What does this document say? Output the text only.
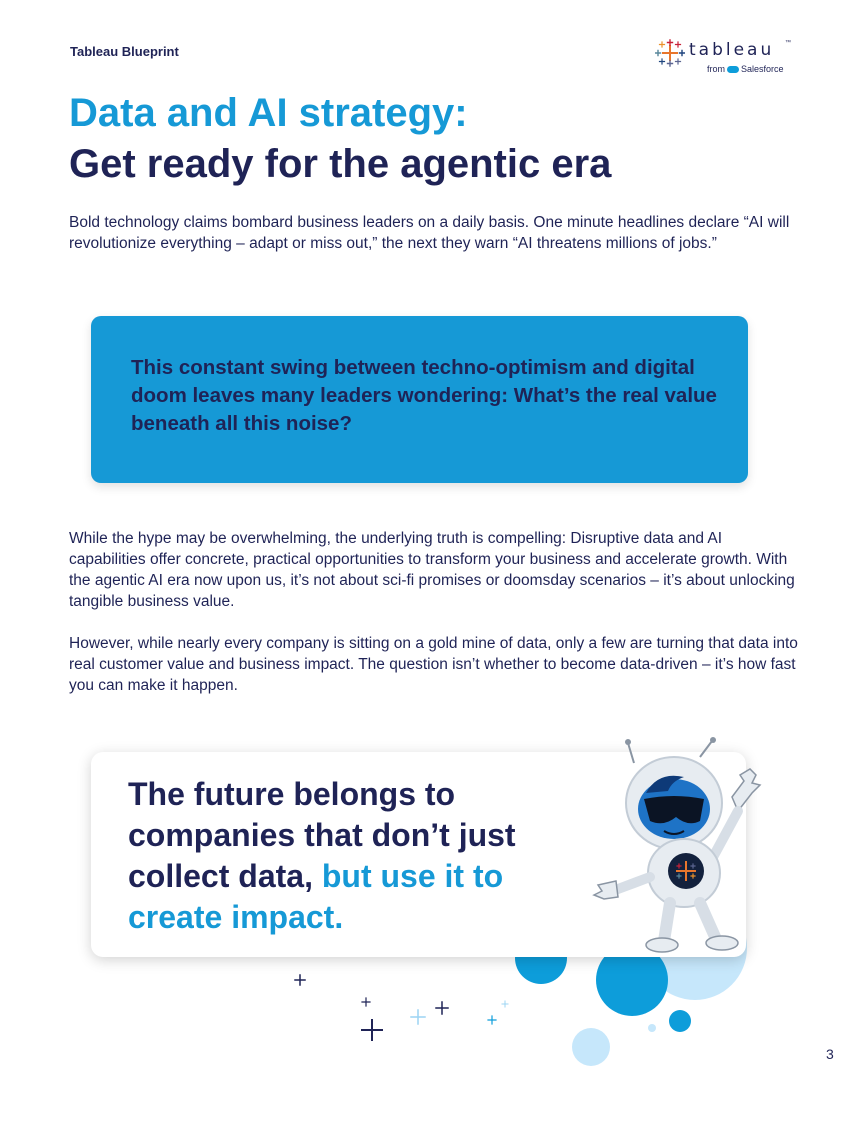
Tableau Blueprint	tableau ™
from Salesforce
Data and AI strategy:
Get ready for the agentic era

Bold technology claims bombard business leaders on a daily basis. One minute headlines declare “AI will revolutionize everything – adapt or miss out,” the next they warn “AI threatens millions of jobs.”

This constant swing between techno-optimism and digital doom leaves many leaders wondering: What’s the real value beneath all this noise?

While the hype may be overwhelming, the underlying truth is compelling: Disruptive data and AI capabilities offer concrete, practical opportunities to transform your business and accelerate growth. With the agentic AI era now upon us, it’s not about sci-fi promises or doomsday scenarios – it’s about unlocking tangible business value.

However, while nearly every company is sitting on a gold mine of data, only a few are turning that data into real customer value and business impact. The question isn’t whether to become data-driven – it’s how fast you can make it happen.

The future belongs to companies that don’t just collect data, but use it to create impact.

3
